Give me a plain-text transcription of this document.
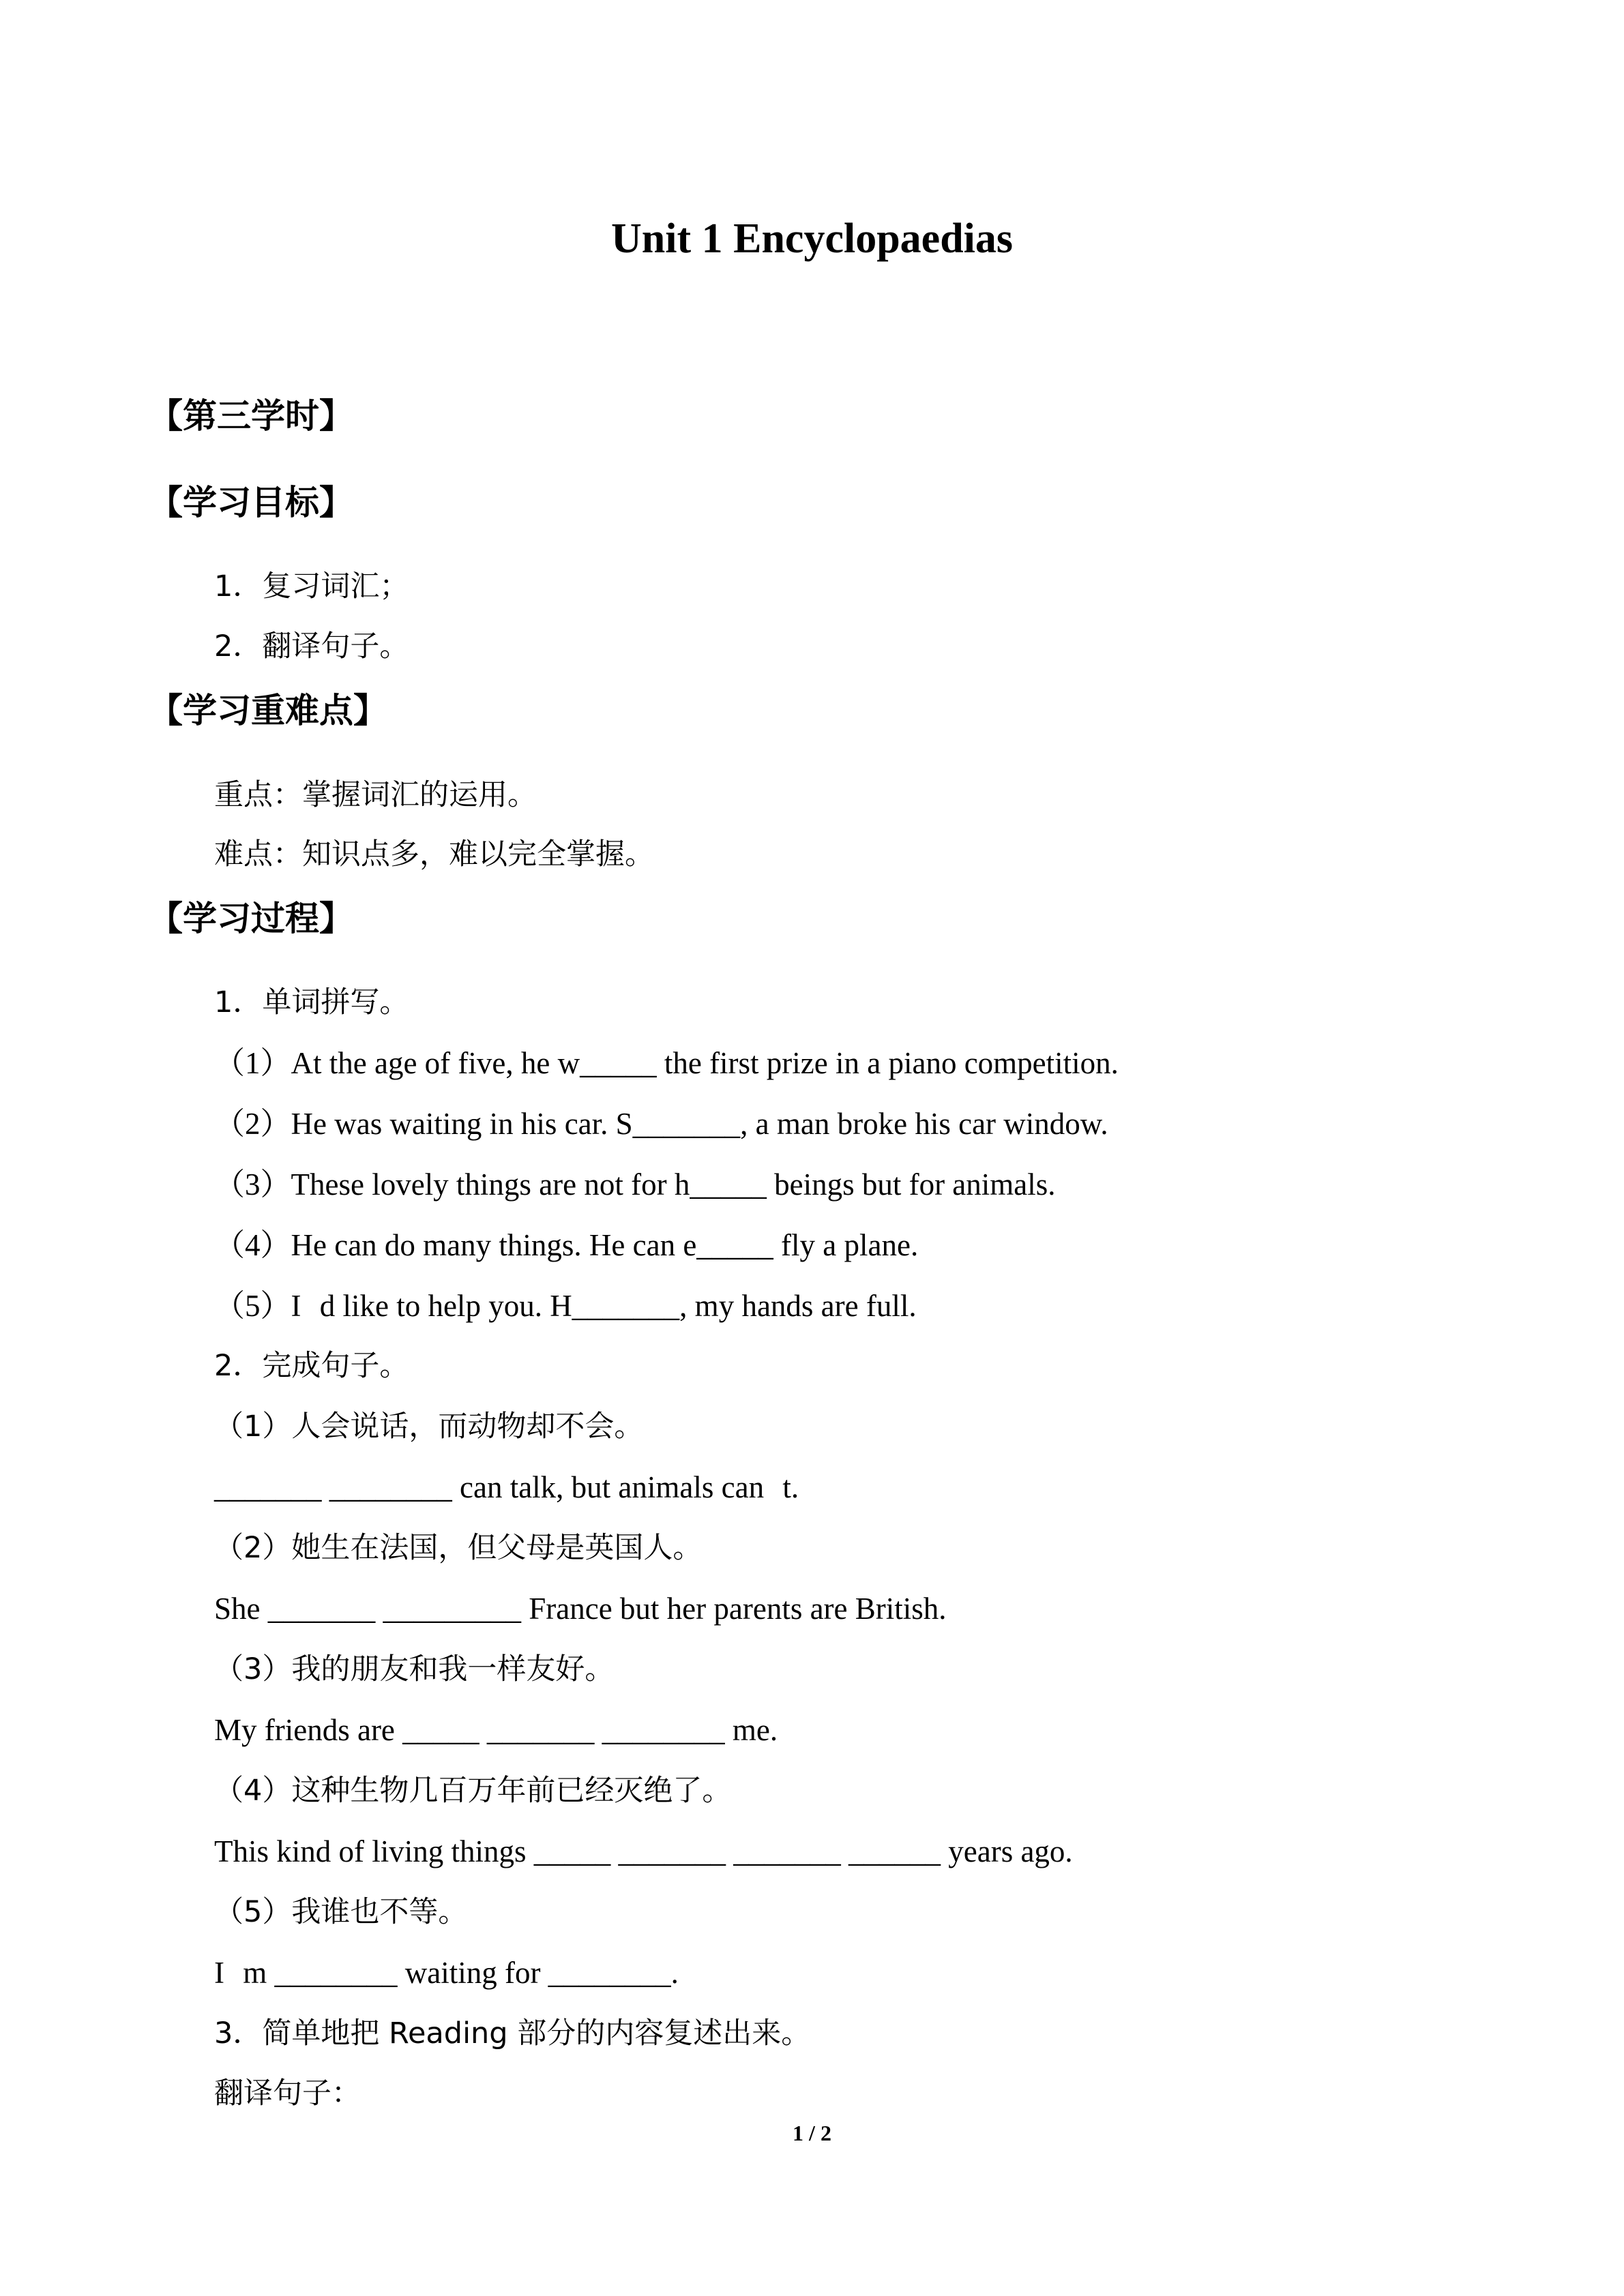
Unit 1 Encyclopaedias
【第三学时】
【学习目标】
1．复习词汇；
2．翻译句子。
【学习重难点】
重点：掌握词汇的运用。
难点：知识点多，难以完全掌握。
【学习过程】
1．单词拼写。
（1）At the age of five, he w_____ the first prize in a piano competition.
（2）He was waiting in his car. S_______, a man broke his car window.
（3）These lovely things are not for h_____ beings but for animals.
（4）He can do many things. He can e_____ fly a plane.
（5）Id like to help you. H_______, my hands are full.
2．完成句子。
（1）人会说话，而动物却不会。
_______ ________ can talk, but animals cant.
（2）她生在法国，但父母是英国人。
She _______ _________ France but her parents are British.
（3）我的朋友和我一样友好。
My friends are _____ _______ ________ me.
（4）这种生物几百万年前已经灭绝了。
This kind of living things _____ _______ _______ ______ years ago.
（5）我谁也不等。
Im ________ waiting for ________.
3．简单地把 Reading 部分的内容复述出来。
翻译句子：
1 / 2
